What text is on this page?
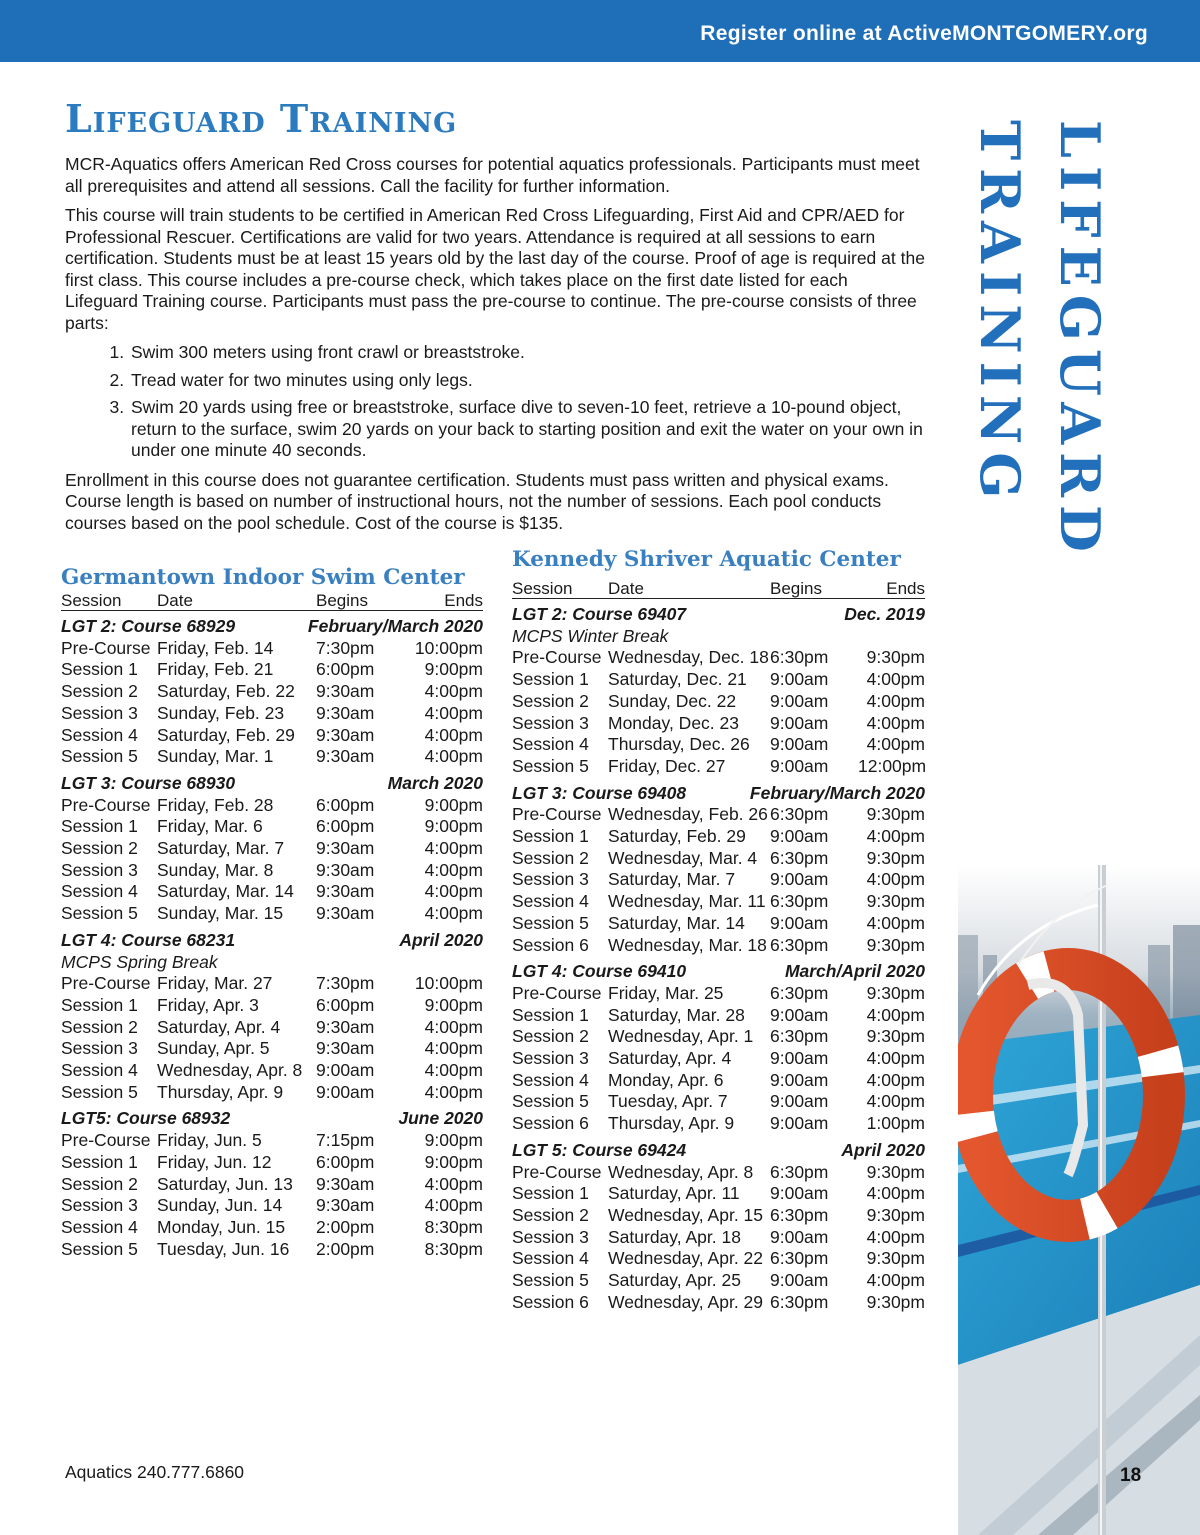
Register online at ActiveMONTGOMERY.org
Lifeguard Training

MCR-Aquatics offers American Red Cross courses for potential aquatics professionals. Participants must meet all prerequisites and attend all sessions. Call the facility for further information.

This course will train students to be certified in American Red Cross Lifeguarding, First Aid and CPR/AED for Professional Rescuer. Certifications are valid for two years. Attendance is required at all sessions to earn certification. Students must be at least 15 years old by the last day of the course. Proof of age is required at the first class. This course includes a pre-course check, which takes place on the first date listed for each Lifeguard Training course. Participants must pass the pre-course to continue. The pre-course consists of three parts:

1. Swim 300 meters using front crawl or breaststroke.
2. Tread water for two minutes using only legs.
3. Swim 20 yards using free or breaststroke, surface dive to seven-10 feet, retrieve a 10-pound object, return to the surface, swim 20 yards on your back to starting position and exit the water on your own in under one minute 40 seconds.

Enrollment in this course does not guarantee certification. Students must pass written and physical exams. Course length is based on number of instructional hours, not the number of sessions. Each pool conducts courses based on the pool schedule. Cost of the course is $135.

Germantown Indoor Swim Center
Session	Date	Begins	Ends
LGT 2: Course 68929	February/March 2020
Pre-Course Friday, Feb. 14	7:30pm	10:00pm
Session 1	Friday, Feb. 21	6:00pm	9:00pm
Session 2	Saturday, Feb. 22	9:30am	4:00pm
Session 3	Sunday, Feb. 23	9:30am	4:00pm
Session 4	Saturday, Feb. 29	9:30am	4:00pm
Session 5	Sunday, Mar. 1	9:30am	4:00pm
LGT 3: Course 68930	March 2020
Pre-Course Friday, Feb. 28	6:00pm	9:00pm
Session 1	Friday, Mar. 6	6:00pm	9:00pm
Session 2	Saturday, Mar. 7	9:30am	4:00pm
Session 3	Sunday, Mar. 8	9:30am	4:00pm
Session 4	Saturday, Mar. 14	9:30am	4:00pm
Session 5	Sunday, Mar. 15	9:30am	4:00pm
LGT 4: Course 68231	April 2020
MCPS Spring Break
Pre-Course Friday, Mar. 27	7:30pm	10:00pm
Session 1	Friday, Apr. 3	6:00pm	9:00pm
Session 2	Saturday, Apr. 4	9:30am	4:00pm
Session 3	Sunday, Apr. 5	9:30am	4:00pm
Session 4	Wednesday, Apr. 8 9:00am	4:00pm
Session 5	Thursday, Apr. 9	9:00am	4:00pm
LGT5: Course 68932	June 2020
Pre-Course Friday, Jun. 5	7:15pm	9:00pm
Session 1	Friday, Jun. 12	6:00pm	9:00pm
Session 2	Saturday, Jun. 13	9:30am	4:00pm
Session 3	Sunday, Jun. 14	9:30am	4:00pm
Session 4	Monday, Jun. 15	2:00pm	8:30pm
Session 5	Tuesday, Jun. 16	2:00pm	8:30pm
Kennedy Shriver Aquatic Center
Session	Date	Begins	Ends
LGT 2: Course 69407	Dec. 2019
MCPS Winter Break
Pre-Course Wednesday, Dec. 18 6:30pm	9:30pm
Session 1	Saturday, Dec. 21	9:00am	4:00pm
Session 2	Sunday, Dec. 22	9:00am	4:00pm
Session 3	Monday, Dec. 23	9:00am	4:00pm
Session 4	Thursday, Dec. 26	9:00am	4:00pm
Session 5	Friday, Dec. 27	9:00am	12:00pm
LGT 3: Course 69408	February/March 2020
Pre-Course Wednesday, Feb. 26 6:30pm	9:30pm
Session 1	Saturday, Feb. 29	9:00am	4:00pm
Session 2	Wednesday, Mar. 4 6:30pm	9:30pm
Session 3	Saturday, Mar. 7	9:00am	4:00pm
Session 4	Wednesday, Mar. 11 6:30pm	9:30pm
Session 5	Saturday, Mar. 14	9:00am	4:00pm
Session 6	Wednesday, Mar. 18 6:30pm	9:30pm
LGT 4: Course 69410	March/April 2020
Pre-Course Friday, Mar. 25	6:30pm	9:30pm
Session 1	Saturday, Mar. 28	9:00am	4:00pm
Session 2	Wednesday, Apr. 1 6:30pm	9:30pm
Session 3	Saturday, Apr. 4	9:00am	4:00pm
Session 4	Monday, Apr. 6	9:00am	4:00pm
Session 5	Tuesday, Apr. 7	9:00am	4:00pm
Session 6	Thursday, Apr. 9	9:00am	1:00pm
LGT 5: Course 69424	April 2020
Pre-Course Wednesday, Apr. 8 6:30pm	9:30pm
Session 1	Saturday, Apr. 11	9:00am	4:00pm
Session 2	Wednesday, Apr. 15 6:30pm	9:30pm
Session 3	Saturday, Apr. 18	9:00am	4:00pm
Session 4	Wednesday, Apr. 22 6:30pm	9:30pm
Session 5	Saturday, Apr. 25	9:00am	4:00pm
Session 6	Wednesday, Apr. 29 6:30pm	9:30pm
LIFEGUARD TRAINING
Aquatics 240.777.6860	18
